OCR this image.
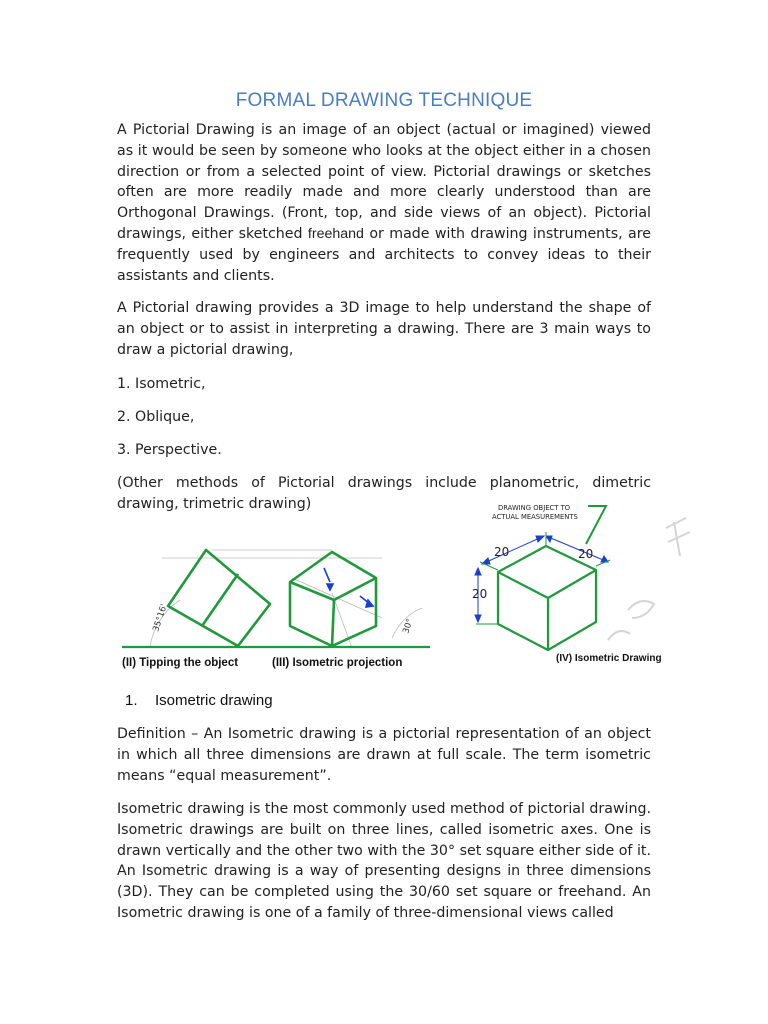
FORMAL DRAWING TECHNIQUE

A Pictorial Drawing is an image of an object (actual or imagined) viewed as it would be seen by someone who looks at the object either in a chosen direction or from a selected point of view. Pictorial drawings or sketches often are more readily made and more clearly understood than are Orthogonal Drawings. (Front, top, and side views of an object). Pictorial drawings, either sketched freehand or made with drawing instruments, are frequently used by engineers and architects to convey ideas to their assistants and clients.

A Pictorial drawing provides a 3D image to help understand the shape of an object or to assist in interpreting a drawing. There are 3 main ways to draw a pictorial drawing,

1. Isometric,
2. Oblique,
3. Perspective.

(Other methods of Pictorial drawings include planometric, dimetric drawing, trimetric drawing)

1. Isometric drawing

Definition – An Isometric drawing is a pictorial representation of an object in which all three dimensions are drawn at full scale. The term isometric means “equal measurement”.

Isometric drawing is the most commonly used method of pictorial drawing. Isometric drawings are built on three lines, called isometric axes. One is drawn vertically and the other two with the 30° set square either side of it. An Isometric drawing is a way of presenting designs in three dimensions (3D). They can be completed using the 30/60 set square or freehand. An Isometric drawing is one of a family of three-dimensional views called

35°16'	30°
(II) Tipping the object	(III) Isometric projection
DRAWING OBJECT TO
ACTUAL MEASUREMENTS
20	20
20
(IV) Isometric Drawing
